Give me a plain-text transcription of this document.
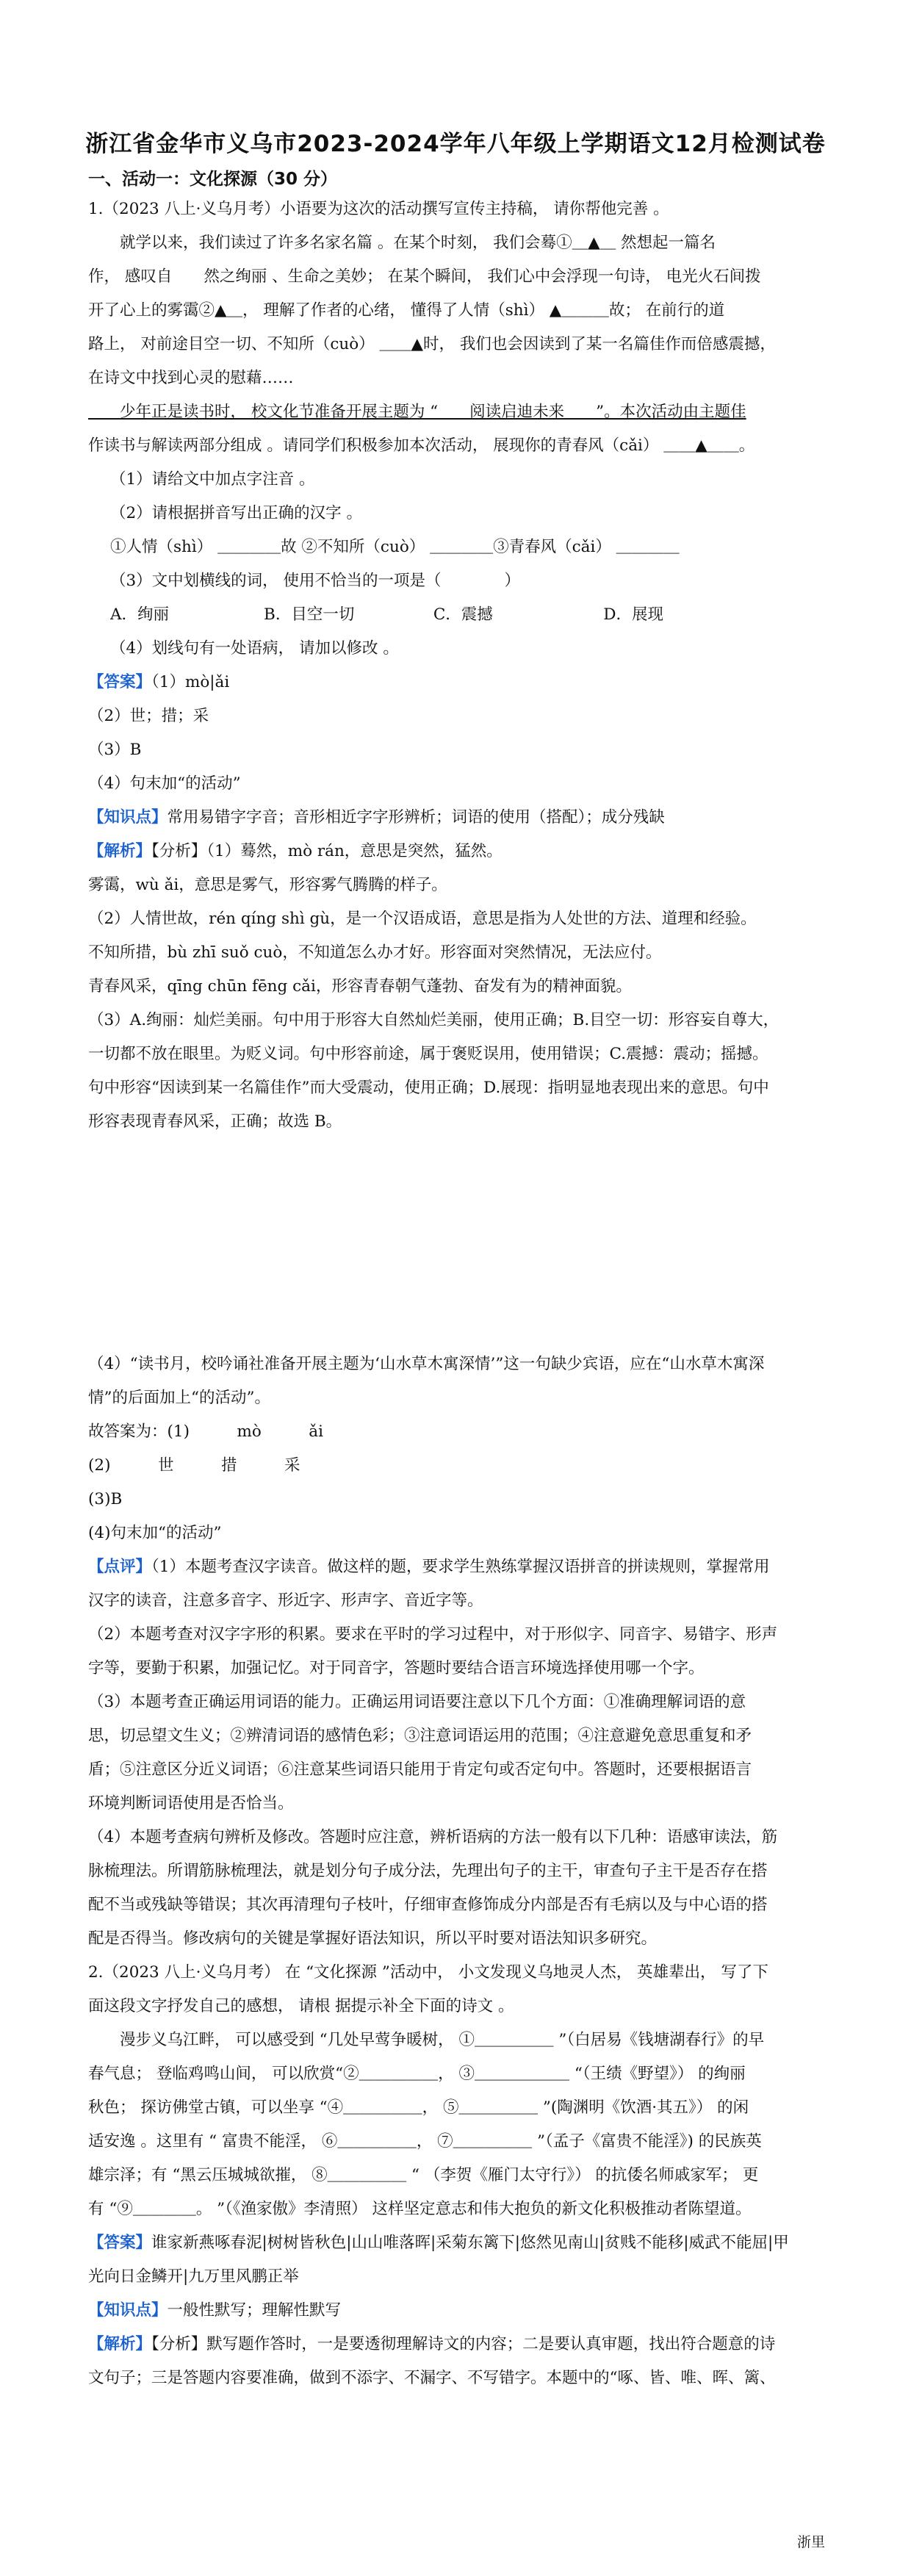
浙江省金华市义乌市2023-2024学年八年级上学期语文12月检测试卷
一、活动一：文化探源（30 分）
1.（2023 八上·义乌月考）小语要为这次的活动撰写宣传主持稿， 请你帮他完善 。
　　就学以来，我们读过了许多名家名篇 。在某个时刻， 我们会蓦①＿▲＿ 然想起一篇名
作， 感叹自　　然之绚丽 、生命之美妙； 在某个瞬间， 我们心中会浮现一句诗， 电光火石间拨
开了心上的雾霭②▲＿， 理解了作者的心绪， 懂得了人情（shì） ▲＿＿＿故； 在前行的道
路上， 对前途目空一切、不知所（cuò） ＿＿▲时， 我们也会因读到了某一名篇佳作而倍感震撼，
在诗文中找到心灵的慰藉……
　　少年正是读书时， 校文化节准备开展主题为 “　　阅读启迪未来　　”。本次活动由主题佳
作读书与解读两部分组成 。请同学们积极参加本次活动， 展现你的青春风（cǎi） ＿＿▲＿＿。
（1）请给文中加点字注音 。
（2）请根据拼音写出正确的汉字 。
①人情（shì） ＿＿＿＿故 ②不知所（cuò） ＿＿＿＿③青春风（cǎi） ＿＿＿＿
（3）文中划横线的词， 使用不恰当的一项是（　　　　）
A．绚丽　　　　　　B．目空一切　　　　　C．震撼　　　　　　　D．展现
（4）划线句有一处语病， 请加以修改 。
【答案】（1）mò|ǎi
（2）世；措；采
（3）B
（4）句末加“的活动”
【知识点】常用易错字字音；音形相近字字形辨析；词语的使用（搭配）；成分残缺
【解析】【分析】（1）蓦然，mò rán，意思是突然，猛然。
雾霭，wù ǎi，意思是雾气，形容雾气腾腾的样子。
（2）人情世故，rén qíng shì gù，是一个汉语成语，意思是指为人处世的方法、道理和经验。
不知所措，bù zhī suǒ cuò，不知道怎么办才好。形容面对突然情况，无法应付。
青春风采，qīng chūn fēng cǎi，形容青春朝气蓬勃、奋发有为的精神面貌。
（3）A.绚丽：灿烂美丽。句中用于形容大自然灿烂美丽，使用正确；B.目空一切：形容妄自尊大，
一切都不放在眼里。为贬义词。句中形容前途，属于褒贬误用，使用错误；C.震撼：震动；摇撼。
句中形容“因读到某一名篇佳作”而大受震动，使用正确；D.展现：指明显地表现出来的意思。句中
形容表现青春风采，正确；故选 B。
（4）“读书月，校吟诵社准备开展主题为‘山水草木寓深情’”这一句缺少宾语，应在“山水草木寓深
情”的后面加上“的活动”。
故答案为：(1)　　　mò　　　ǎi
(2)　　　世　　　措　　　采
(3)B
(4)句末加“的活动”
【点评】（1）本题考查汉字读音。做这样的题，要求学生熟练掌握汉语拼音的拼读规则，掌握常用
汉字的读音，注意多音字、形近字、形声字、音近字等。
（2）本题考查对汉字字形的积累。要求在平时的学习过程中，对于形似字、同音字、易错字、形声
字等，要勤于积累，加强记忆。对于同音字，答题时要结合语言环境选择使用哪一个字。
（3）本题考查正确运用词语的能力。正确运用词语要注意以下几个方面：①准确理解词语的意
思，切忌望文生义；②辨清词语的感情色彩；③注意词语运用的范围；④注意避免意思重复和矛
盾；⑤注意区分近义词语；⑥注意某些词语只能用于肯定句或否定句中。答题时，还要根据语言
环境判断词语使用是否恰当。
（4）本题考查病句辨析及修改。答题时应注意，辨析语病的方法一般有以下几种：语感审读法，筋
脉梳理法。所谓筋脉梳理法，就是划分句子成分法，先理出句子的主干，审查句子主干是否存在搭
配不当或残缺等错误；其次再清理句子枝叶，仔细审查修饰成分内部是否有毛病以及与中心语的搭
配是否得当。修改病句的关键是掌握好语法知识，所以平时要对语法知识多研究。
2.（2023 八上·义乌月考） 在 “文化探源 ”活动中， 小文发现义乌地灵人杰， 英雄辈出， 写了下
面这段文字抒发自己的感想， 请根 据提示补全下面的诗文 。
　　漫步义乌江畔， 可以感受到 “几处早莺争暖树， ①＿＿＿＿＿ ”（白居易《钱塘湖春行》的早
春气息； 登临鸡鸣山间， 可以欣赏“②＿＿＿＿＿， ③＿＿＿＿＿＿ “（王绩《野望》） 的绚丽
秋色； 探访佛堂古镇，可以坐享 “④＿＿＿＿＿， ⑤＿＿＿＿＿ ”(陶渊明《饮酒·其五》） 的闲
适安逸 。这里有 “ 富贵不能淫， ⑥＿＿＿＿＿， ⑦＿＿＿＿＿ ”（孟子《富贵不能淫》) 的民族英
雄宗泽；有 “黑云压城城欲摧， ⑧＿＿＿＿＿ “ （李贺《雁门太守行》） 的抗倭名师戚家军； 更
有 “⑨＿＿＿＿。 ”（《渔家傲》李清照） 这样坚定意志和伟大抱负的新文化积极推动者陈望道。
【答案】谁家新燕啄春泥|树树皆秋色|山山唯落晖|采菊东篱下|悠然见南山|贫贱不能移|威武不能屈|甲
光向日金鳞开|九万里风鹏正举
【知识点】一般性默写；理解性默写
【解析】【分析】默写题作答时，一是要透彻理解诗文的内容；二是要认真审题，找出符合题意的诗
文句子；三是答题内容要准确，做到不添字、不漏字、不写错字。本题中的“啄、皆、唯、晖、篱、
浙里
